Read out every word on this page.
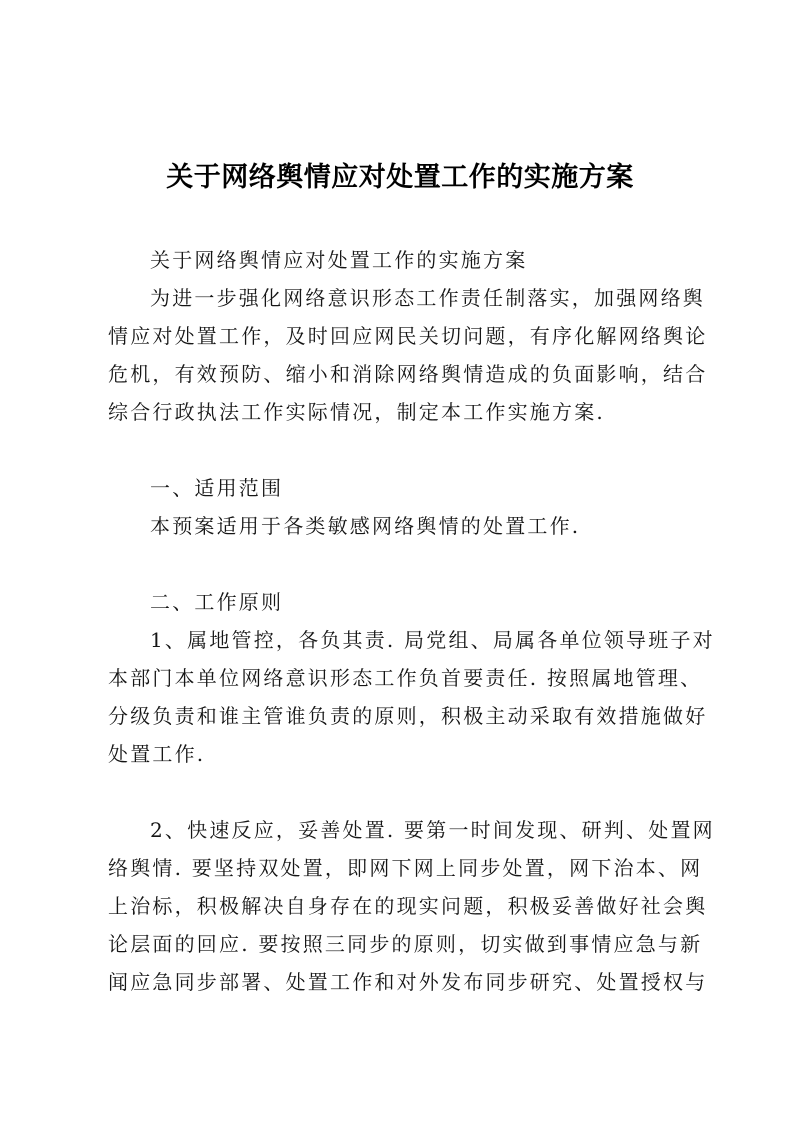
关于网络舆情应对处置工作的实施方案
关于网络舆情应对处置工作的实施方案
为进一步强化网络意识形态工作责任制落实，加强网络舆
情应对处置工作，及时回应网民关切问题，有序化解网络舆论
危机，有效预防、缩小和消除网络舆情造成的负面影响，结合
综合行政执法工作实际情况，制定本工作实施方案.
一、适用范围
本预案适用于各类敏感网络舆情的处置工作.
二、工作原则
1、属地管控，各负其责. 局党组、局属各单位领导班子对
本部门本单位网络意识形态工作负首要责任. 按照属地管理、
分级负责和谁主管谁负责的原则，积极主动采取有效措施做好
处置工作.
2、快速反应，妥善处置. 要第一时间发现、研判、处置网
络舆情. 要坚持双处置，即网下网上同步处置，网下治本、网
上治标，积极解决自身存在的现实问题，积极妥善做好社会舆
论层面的回应. 要按照三同步的原则，切实做到事情应急与新
闻应急同步部署、处置工作和对外发布同步研究、处置授权与
